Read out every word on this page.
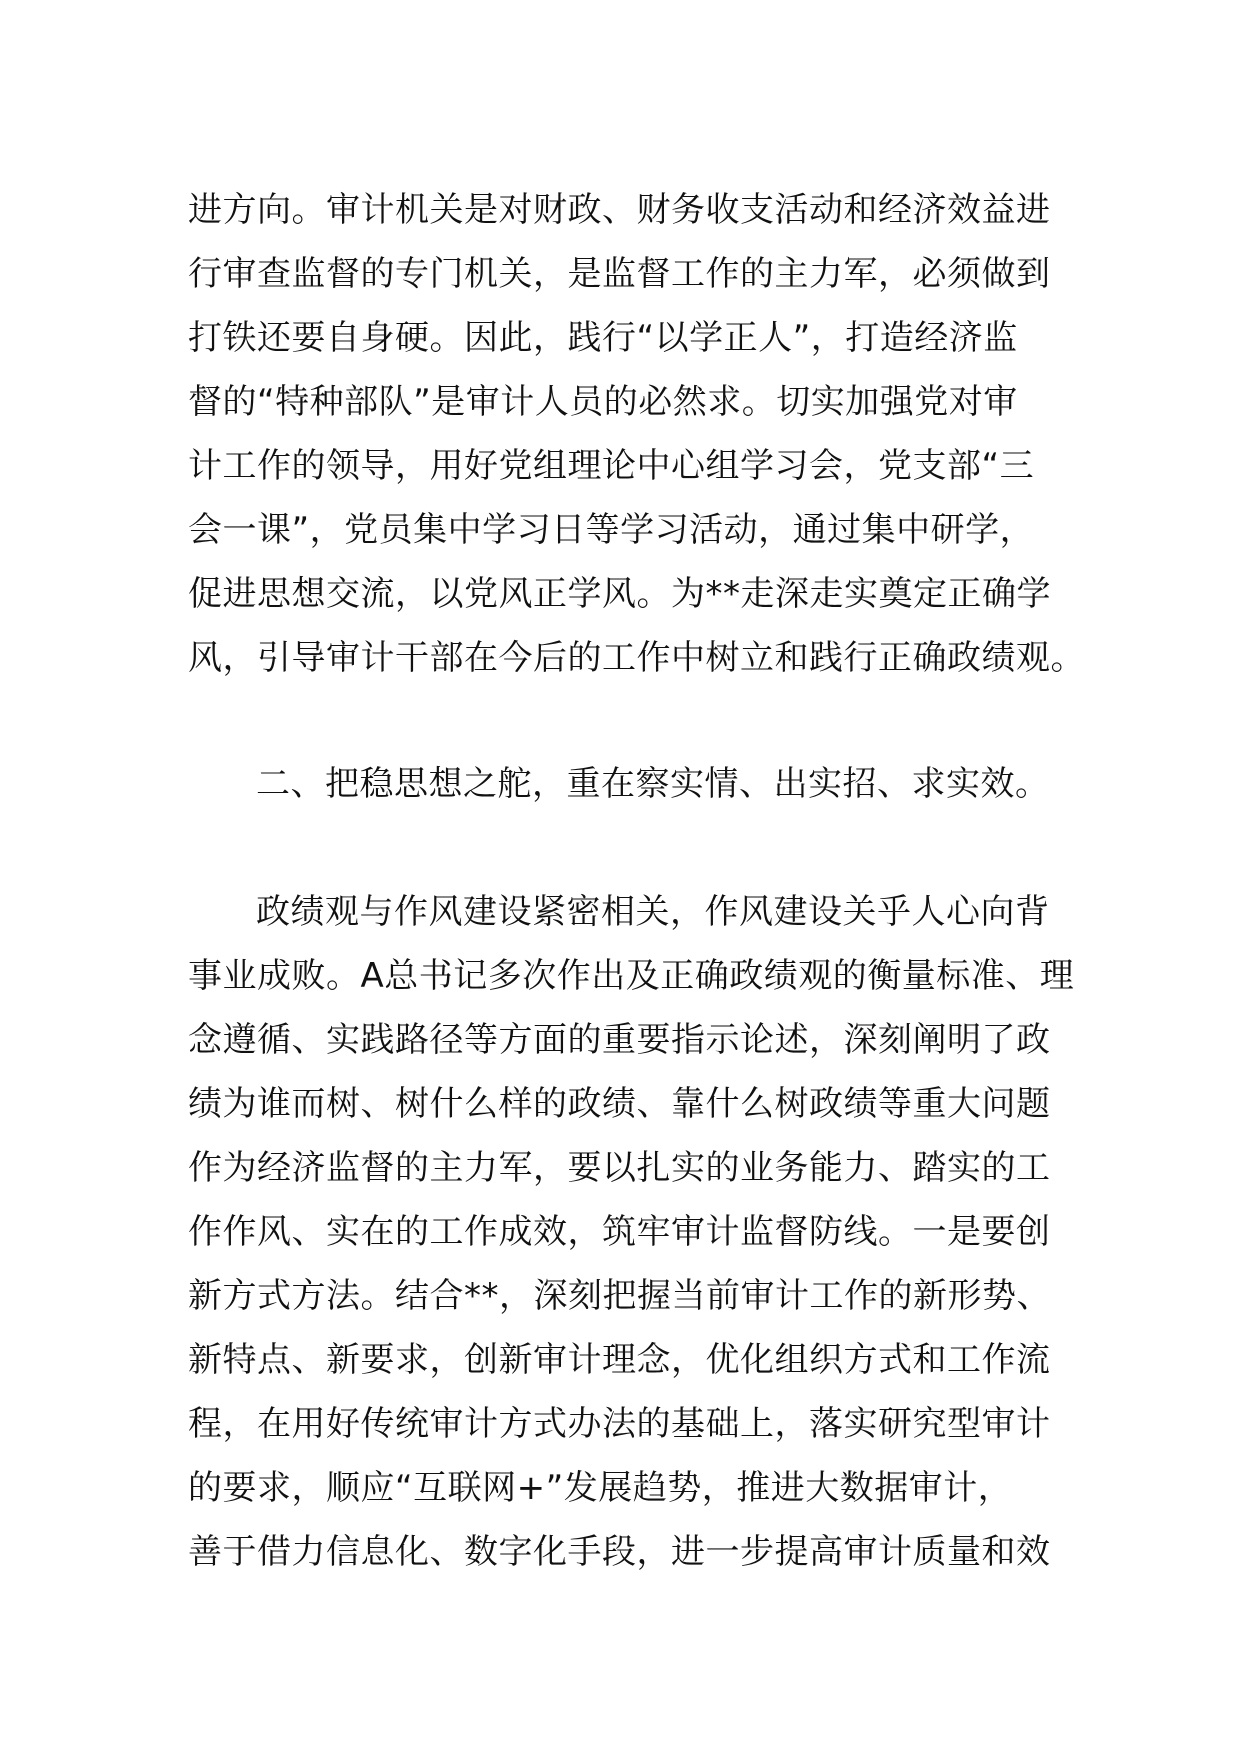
进方向。审计机关是对财政、财务收支活动和经济效益进
行审查监督的专门机关，是监督工作的主力军，必须做到
打铁还要自身硬。因此，践行“以学正人”，打造经济监
督的“特种部队”是审计人员的必然求。切实加强党对审
计工作的领导，用好党组理论中心组学习会，党支部“三
会一课”，党员集中学习日等学习活动，通过集中研学，
促进思想交流，以党风正学风。为**走深走实奠定正确学
风，引导审计干部在今后的工作中树立和践行正确政绩观。
二、把稳思想之舵，重在察实情、出实招、求实效。
政绩观与作风建设紧密相关，作风建设关乎人心向背
事业成败。A总书记多次作出及正确政绩观的衡量标准、理
念遵循、实践路径等方面的重要指示论述，深刻阐明了政
绩为谁而树、树什么样的政绩、靠什么树政绩等重大问题
作为经济监督的主力军，要以扎实的业务能力、踏实的工
作作风、实在的工作成效，筑牢审计监督防线。一是要创
新方式方法。结合**，深刻把握当前审计工作的新形势、
新特点、新要求，创新审计理念，优化组织方式和工作流
程，在用好传统审计方式办法的基础上，落实研究型审计
的要求，顺应“互联网+”发展趋势，推进大数据审计，
善于借力信息化、数字化手段，进一步提高审计质量和效
